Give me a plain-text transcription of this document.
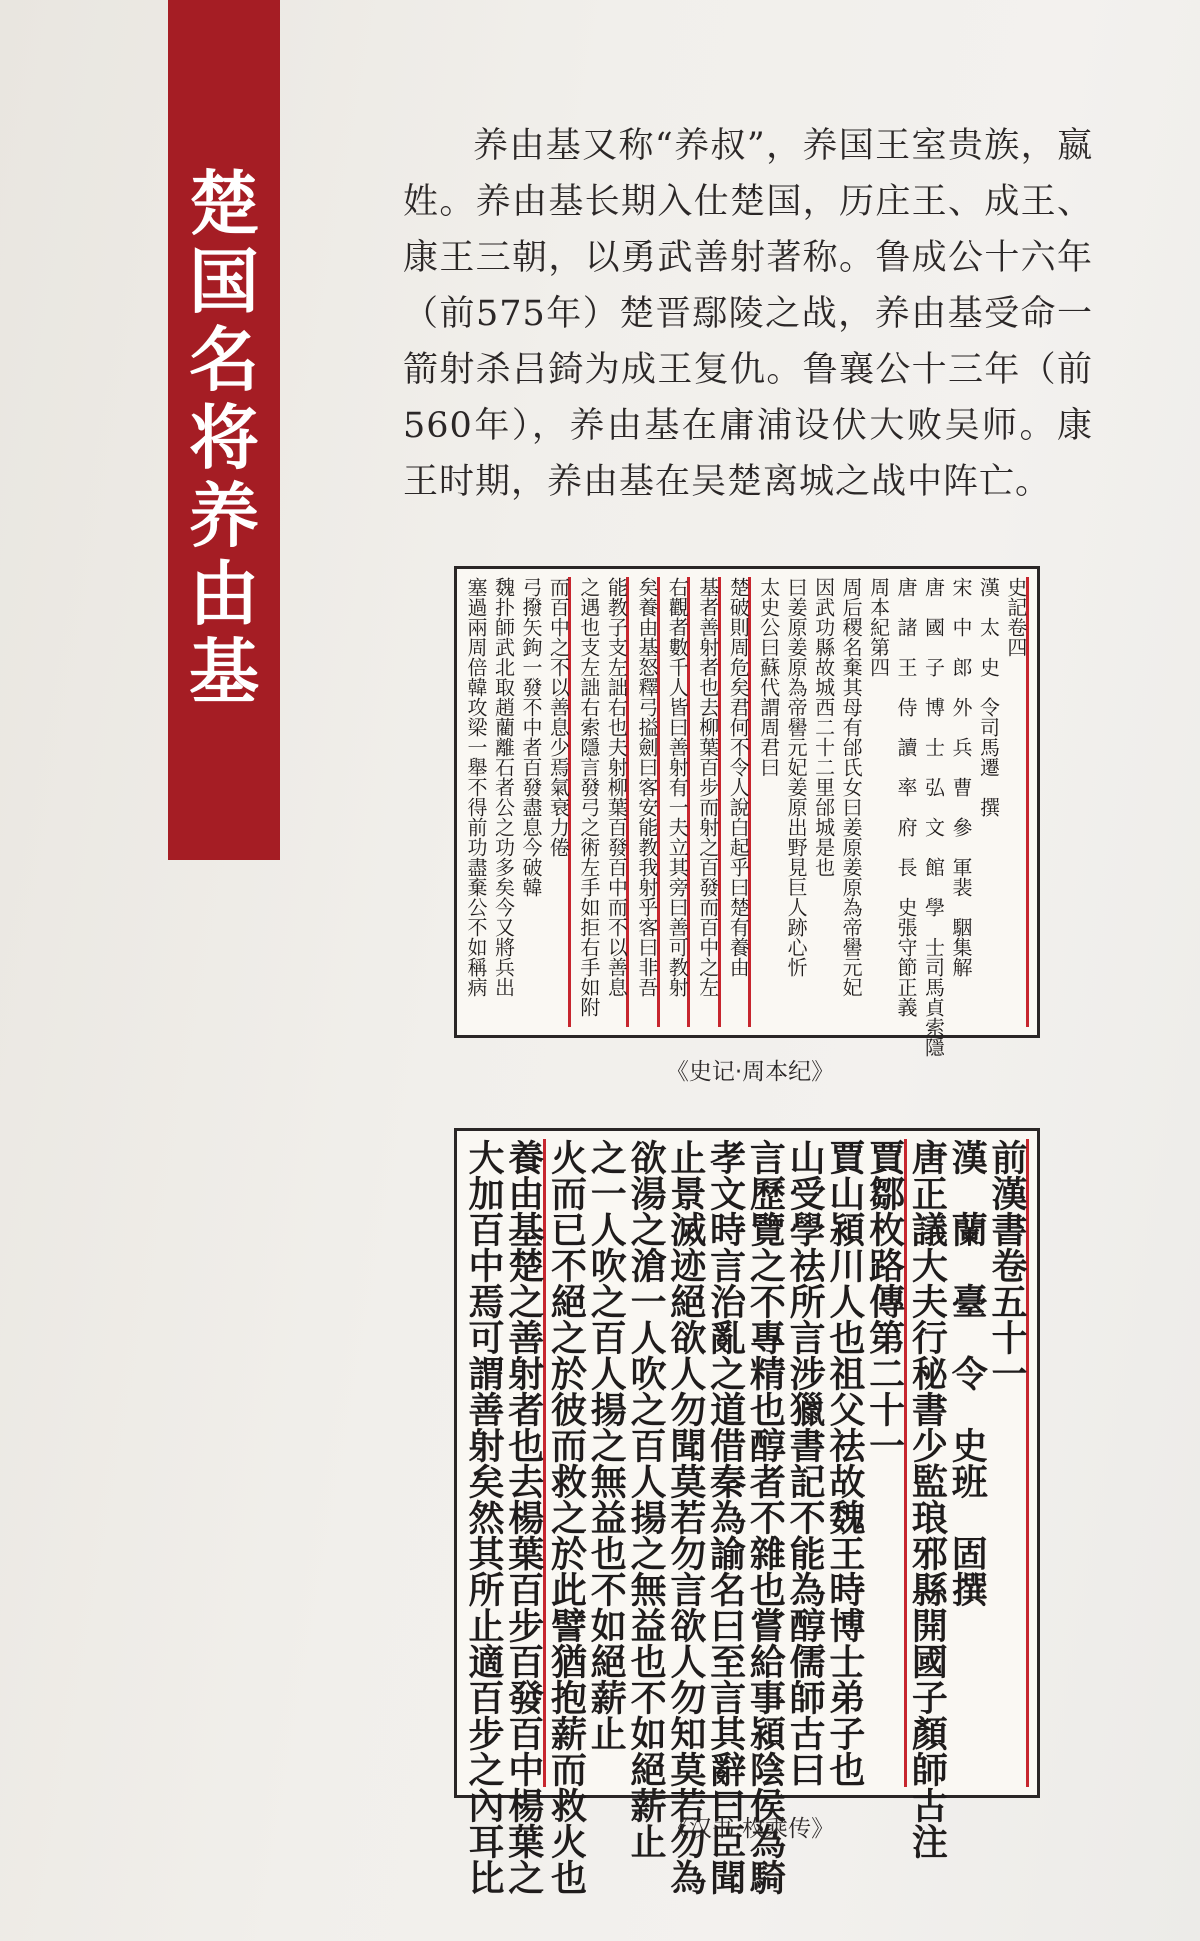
楚
国
名
将
养
由
基

养由基又称“养叔”，养国王室贵族，嬴姓。养由基长期入仕楚国，历庄王、成王、康王三朝，以勇武善射著称。鲁成公十六年（前575年）楚晋鄢陵之战，养由基受命一箭射杀吕錡为成王复仇。鲁襄公十三年（前560年），养由基在庸浦设伏大败吴师。康王时期，养由基在吴楚离城之战中阵亡。

史記卷四
漢　太　史　令司馬遷　撰
宋　中　郎　外　兵　曹　參　軍裴　駰集解
唐　國　子　博　士　弘　文　館　學　士司馬貞索隱
唐　諸　王　侍　讀　率　府　長　史張守節正義
周本紀第四
周后稷名棄其母有邰氏女曰姜原姜原為帝嚳元妃
因武功縣故城西二十二里邰城是也
曰姜原姜原為帝嚳元妃姜原出野見巨人跡心忻
太史公曰蘇代謂周君曰
楚破則周危矣君何不令人說白起乎曰楚有養由
基者善射者也去柳葉百步而射之百發而百中之左
右觀者數千人皆曰善射有一夫立其旁曰善可教射
矣養由基怒釋弓搤劍曰客安能教我射乎客曰非吾
能教子支左詘右也夫射柳葉百發百中而不以善息
之遇也支左詘右索隱言發弓之術左手如拒右手如附
而百中之不以善息少焉氣衰力倦
弓撥矢鉤一發不中者百發盡息今破韓
魏扑師武北取趙藺離石者公之功多矣今又將兵出
塞過兩周倍韓攻梁一舉不得前功盡棄公不如稱病
《史记·周本纪》
前漢書卷五十一
漢　蘭　臺　令　史班　固撰
唐正議大夫行秘書少監琅邪縣開國子顏師古注
賈鄒枚路傳第二十一
賈山潁川人也祖父祛故魏王時博士弟子也
山受學祛所言涉獵書記不能為醇儒師古曰
言歷覽之不專精也醇者不雜也嘗給事潁陰侯為騎
孝文時言治亂之道借秦為諭名曰至言其辭曰臣聞
止景滅迹絕欲人勿聞莫若勿言欲人勿知莫若勿為
欲湯之滄一人吹之百人揚之無益也不如絕薪止
之一人吹之百人揚之無益也不如絕薪止
火而已不絕之於彼而救之於此譬猶抱薪而救火也
養由基楚之善射者也去楊葉百步百發百中楊葉之
大加百中焉可謂善射矣然其所止適百步之內耳比	《汉书·枚乘传》
